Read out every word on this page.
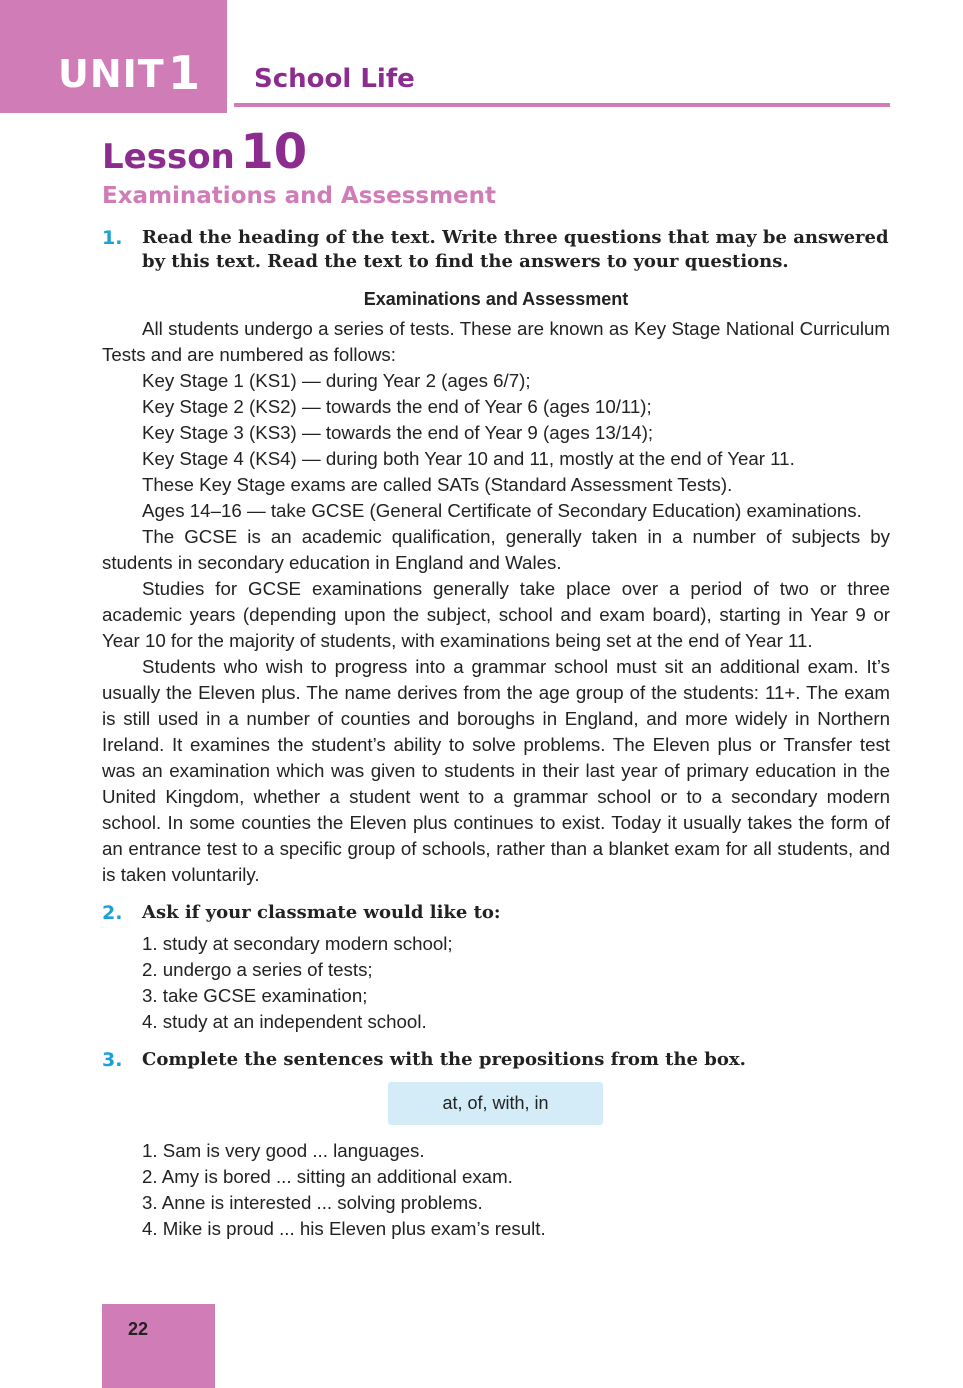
UNIT 1 School Life
Lesson 10
Examinations and Assessment
1. Read the heading of the text. Write three questions that may be answered by this text. Read the text to find the answers to your questions.
Examinations and Assessment

All students undergo a series of tests. These are known as Key Stage National Curriculum Tests and are numbered as follows:

Key Stage 1 (KS1) — during Year 2 (ages 6/7);

Key Stage 2 (KS2) — towards the end of Year 6 (ages 10/11);

Key Stage 3 (KS3) — towards the end of Year 9 (ages 13/14);

Key Stage 4 (KS4) — during both Year 10 and 11, mostly at the end of Year 11.

These Key Stage exams are called SATs (Standard Assessment Tests).

Ages 14–16 — take GCSE (General Certificate of Secondary Education) examinations.

The GCSE is an academic qualification, generally taken in a number of subjects by students in secondary education in England and Wales.

Studies for GCSE examinations generally take place over a period of two or three academic years (depending upon the subject, school and exam board), starting in Year 9 or Year 10 for the majority of students, with examinations being set at the end of Year 11.

Students who wish to progress into a grammar school must sit an additional exam. It’s usually the Eleven plus. The name derives from the age group of the students: 11+. The exam is still used in a number of counties and boroughs in England, and more widely in Northern Ireland. It examines the student’s ability to solve problems. The Eleven plus or Transfer test was an examination which was given to students in their last year of primary education in the United Kingdom, whether a student went to a grammar school or to a secondary modern school. In some counties the Eleven plus continues to exist. Today it usually takes the form of an entrance test to a specific group of schools, rather than a blanket exam for all students, and is taken voluntarily.

2. Ask if your classmate would like to:
1. study at secondary modern school;
2. undergo a series of tests;
3. take GCSE examination;
4. study at an independent school.
3. Complete the sentences with the prepositions from the box.
at, of, with, in
1. Sam is very good ... languages.
2. Amy is bored ... sitting an additional exam.
3. Anne is interested ... solving problems.
4. Mike is proud ... his Eleven plus exam’s result.
22
